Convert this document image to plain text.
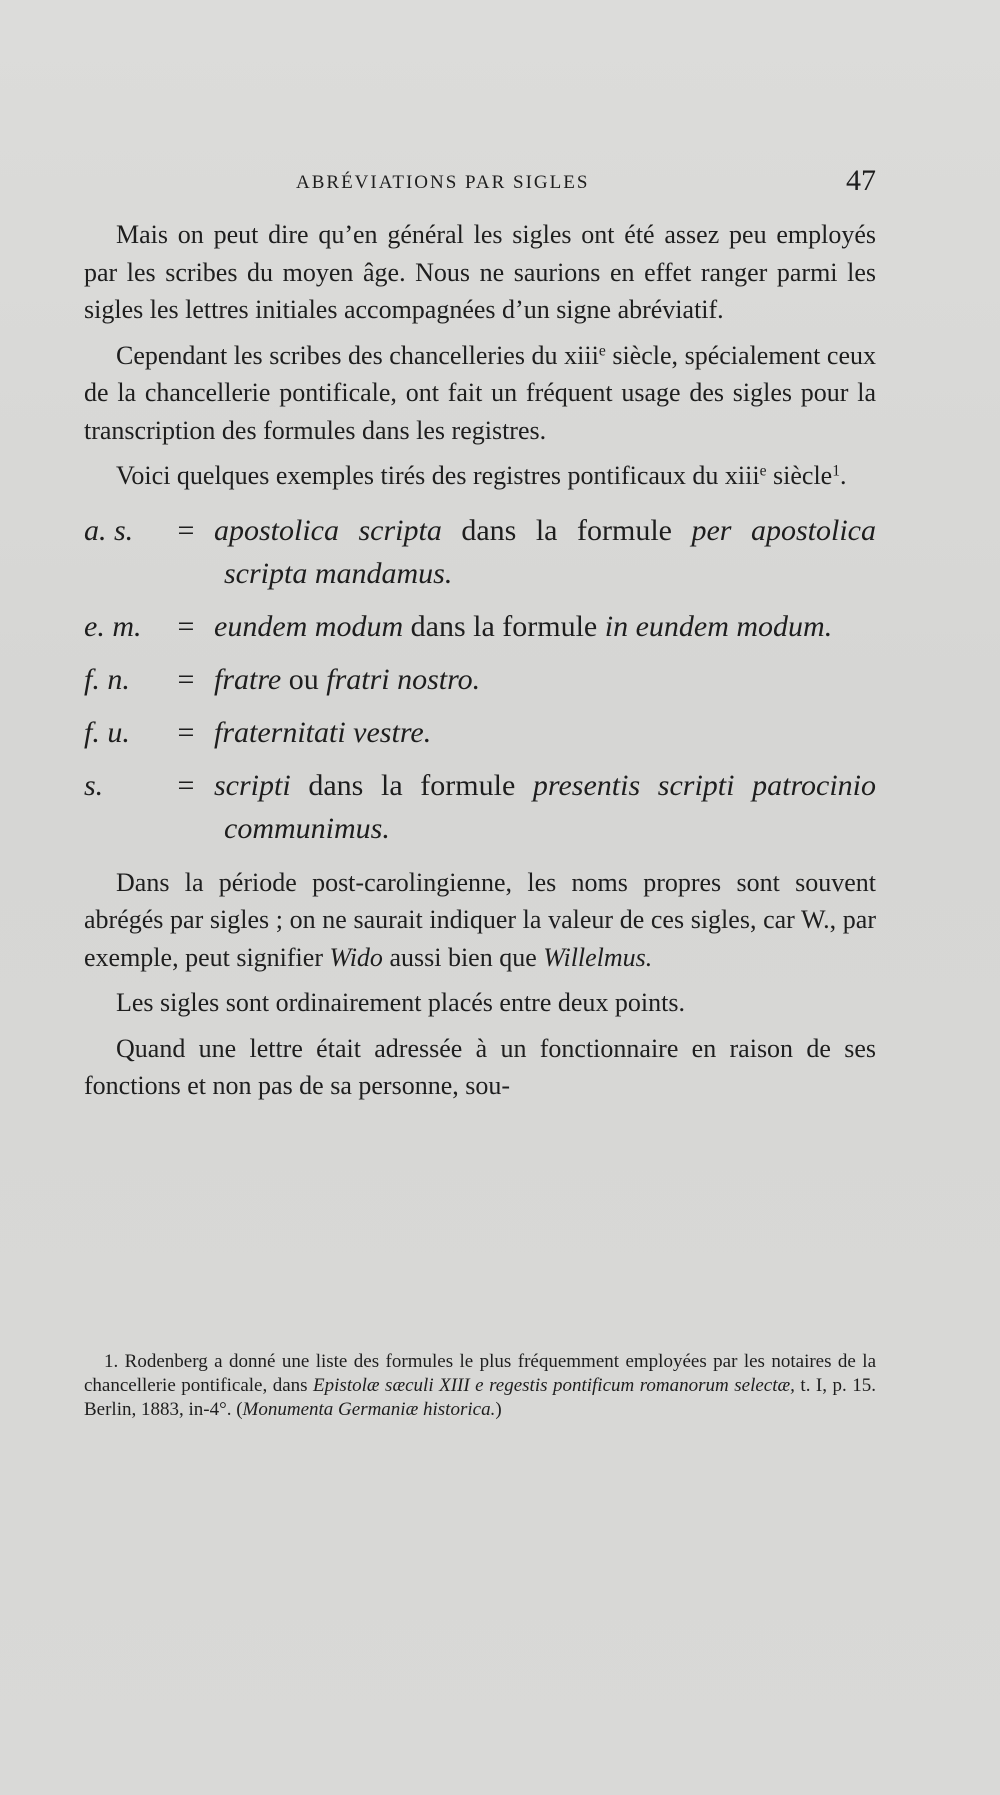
ABRÉVIATIONS PAR SIGLES	47

Mais on peut dire qu’en général les sigles ont été assez peu employés par les scribes du moyen âge. Nous ne saurions en effet ranger parmi les sigles les lettres initiales accompagnées d’un signe abréviatif.

Cependant les scribes des chancelleries du xiii$^e$ siècle, spécialement ceux de la chancellerie pontificale, ont fait un fréquent usage des sigles pour la transcription des formules dans les registres.

Voici quelques exemples tirés des registres pontificaux du xiii$^e$ siècle$^1$.

a. s. = apostolica scripta dans la formule per apostolica scripta mandamus.

e. m. = eundem modum dans la formule in eundem modum.

f. n. = fratre ou fratri nostro.

f. u. = fraternitati vestre.

s. = scripti dans la formule presentis scripti patrocinio communimus.

Dans la période post-carolingienne, les noms propres sont souvent abrégés par sigles ; on ne saurait indiquer la valeur de ces sigles, car W., par exemple, peut signifier Wido aussi bien que Willelmus.

Les sigles sont ordinairement placés entre deux points.

Quand une lettre était adressée à un fonctionnaire en raison de ses fonctions et non pas de sa personne, sou-

1. Rodenberg a donné une liste des formules le plus fréquemment employées par les notaires de la chancellerie pontificale, dans Epistolæ sæculi XIII e regestis pontificum romanorum selectæ, t. I, p. 15. Berlin, 1883, in-4°. (Monumenta Germaniæ historica.)
